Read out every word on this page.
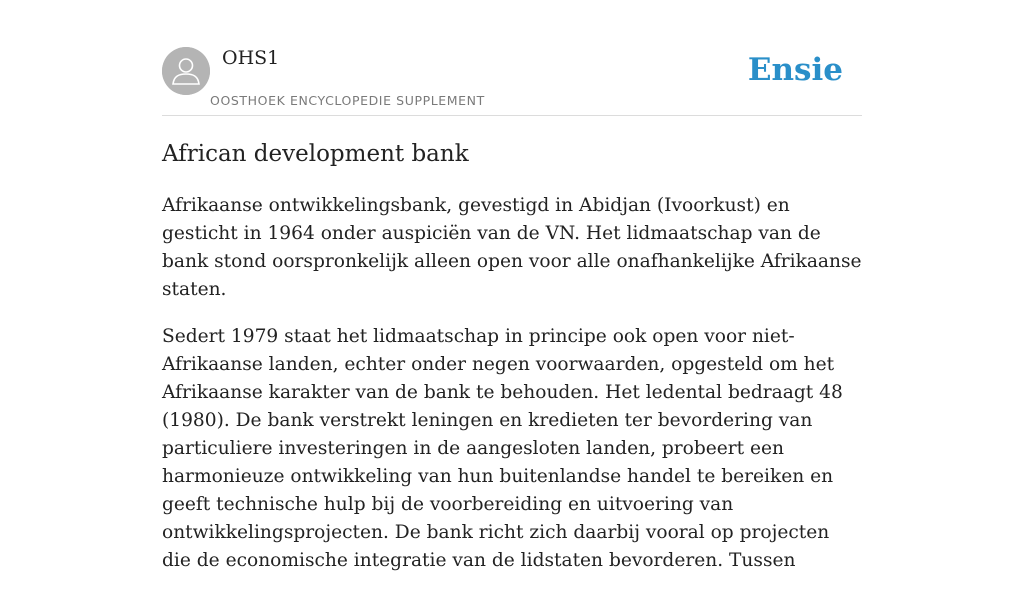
OHS1
OOSTHOEK ENCYCLOPEDIE SUPPLEMENT
Ensie
African development bank

Afrikaanse ontwikkelingsbank, gevestigd in Abidjan (Ivoorkust) en gesticht in 1964 onder auspiciën van de VN. Het lidmaatschap van de bank stond oorspronkelijk alleen open voor alle onafhankelijke Afrikaanse staten.

Sedert 1979 staat het lidmaatschap in principe ook open voor niet-Afrikaanse landen, echter onder negen voorwaarden, opgesteld om het Afrikaanse karakter van de bank te behouden. Het ledental bedraagt 48 (1980). De bank verstrekt leningen en kredieten ter bevordering van particuliere investeringen in de aangesloten landen, probeert een harmonieuze ontwikkeling van hun buitenlandse handel te bereiken en geeft technische hulp bij de voorbereiding en uitvoering van ontwikkelingsprojecten. De bank richt zich daarbij vooral op projecten die de economische integratie van de lidstaten bevorderen. Tussen
